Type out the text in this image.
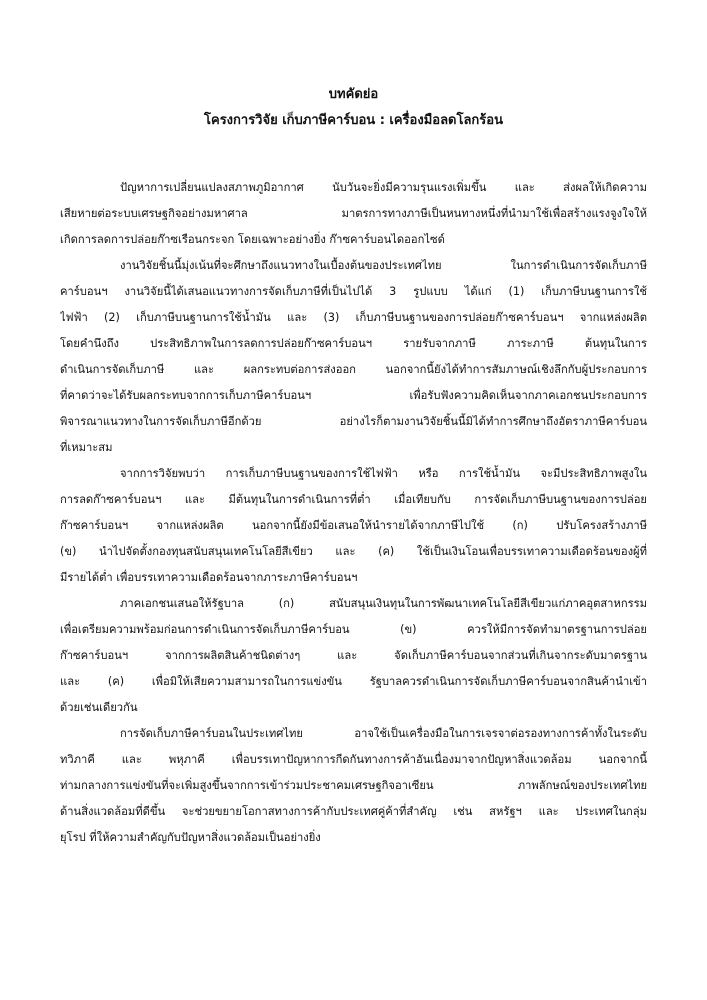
บทคัดย่อ
โครงการวิจัย เก็บภาษีคาร์บอน : เครื่องมือลดโลกร้อน
ปัญหาการเปลี่ยนแปลงสภาพภูมิอากาศ นับวันจะยิ่งมีความรุนแรงเพิ่มขึ้น และ ส่งผลให้เกิดความ
เสียหายต่อระบบเศรษฐกิจอย่างมหาศาล มาตรการทางภาษีเป็นหนทางหนึ่งที่นำมาใช้เพื่อสร้างแรงจูงใจให้
เกิดการลดการปล่อยก๊าซเรือนกระจก โดยเฉพาะอย่างยิ่ง ก๊าซคาร์บอนไดออกไซด์
งานวิจัยชิ้นนี้มุ่งเน้นที่จะศึกษาถึงแนวทางในเบื้องต้นของประเทศไทย ในการดำเนินการจัดเก็บภาษี
คาร์บอนฯ งานวิจัยนี้ได้เสนอแนวทางการจัดเก็บภาษีที่เป็นไปได้ 3 รูปแบบ ได้แก่ (1) เก็บภาษีบนฐานการใช้
ไฟฟ้า (2) เก็บภาษีบนฐานการใช้น้ำมัน และ (3) เก็บภาษีบนฐานของการปล่อยก๊าซคาร์บอนฯ จากแหล่งผลิต
โดยคำนึงถึง ประสิทธิภาพในการลดการปล่อยก๊าซคาร์บอนฯ รายรับจากภาษี ภาระภาษี ต้นทุนในการ
ดำเนินการจัดเก็บภาษี และ ผลกระทบต่อการส่งออก นอกจากนี้ยังได้ทำการสัมภาษณ์เชิงลึกกับผู้ประกอบการ
ที่คาดว่าจะได้รับผลกระทบจากการเก็บภาษีคาร์บอนฯ เพื่อรับฟังความคิดเห็นจากภาคเอกชนประกอบการ
พิจารณาแนวทางในการจัดเก็บภาษีอีกด้วย อย่างไรก็ตามงานวิจัยชิ้นนี้มิได้ทำการศึกษาถึงอัตราภาษีคาร์บอน
ที่เหมาะสม
จากการวิจัยพบว่า การเก็บภาษีบนฐานของการใช้ไฟฟ้า หรือ การใช้น้ำมัน จะมีประสิทธิภาพสูงใน
การลดก๊าซคาร์บอนฯ และ มีต้นทุนในการดำเนินการที่ต่ำ เมื่อเทียบกับ การจัดเก็บภาษีบนฐานของการปล่อย
ก๊าซคาร์บอนฯ จากแหล่งผลิต นอกจากนี้ยังมีข้อเสนอให้นำรายได้จากภาษีไปใช้ (ก) ปรับโครงสร้างภาษี
(ข) นำไปจัดตั้งกองทุนสนับสนุนเทคโนโลยีสีเขียว และ (ค) ใช้เป็นเงินโอนเพื่อบรรเทาความเดือดร้อนของผู้ที่
มีรายได้ต่ำ เพื่อบรรเทาความเดือดร้อนจากภาระภาษีคาร์บอนฯ
ภาคเอกชนเสนอให้รัฐบาล (ก) สนับสนุนเงินทุนในการพัฒนาเทคโนโลยีสีเขียวแก่ภาคอุตสาหกรรม
เพื่อเตรียมความพร้อมก่อนการดำเนินการจัดเก็บภาษีคาร์บอน (ข) ควรให้มีการจัดทำมาตรฐานการปล่อย
ก๊าซคาร์บอนฯ จากการผลิตสินค้าชนิดต่างๆ และ จัดเก็บภาษีคาร์บอนจากส่วนที่เกินจากระดับมาตรฐาน
และ (ค) เพื่อมิให้เสียความสามารถในการแข่งขัน รัฐบาลควรดำเนินการจัดเก็บภาษีคาร์บอนจากสินค้านำเข้า
ด้วยเช่นเดียวกัน
การจัดเก็บภาษีคาร์บอนในประเทศไทย อาจใช้เป็นเครื่องมือในการเจรจาต่อรองทางการค้าทั้งในระดับ
ทวิภาคี และ พหุภาคี เพื่อบรรเทาปัญหาการกีดกันทางการค้าอันเนื่องมาจากปัญหาสิ่งแวดล้อม นอกจากนี้
ท่ามกลางการแข่งขันที่จะเพิ่มสูงขึ้นจากการเข้าร่วมประชาคมเศรษฐกิจอาเซียน ภาพลักษณ์ของประเทศไทย
ด้านสิ่งแวดล้อมที่ดีขึ้น จะช่วยขยายโอกาสทางการค้ากับประเทศคู่ค้าที่สำคัญ เช่น สหรัฐฯ และ ประเทศในกลุ่ม
ยุโรป ที่ให้ความสำคัญกับปัญหาสิ่งแวดล้อมเป็นอย่างยิ่ง
